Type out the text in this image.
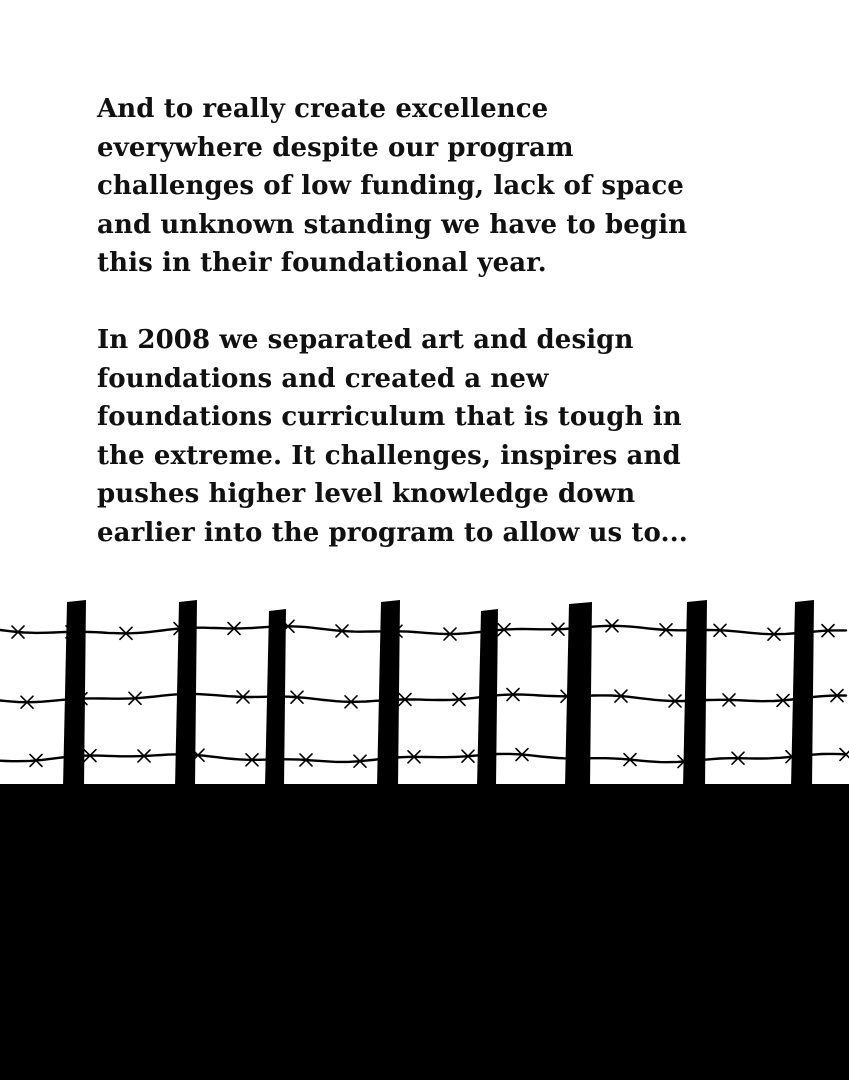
And to really create excellence
everywhere despite our program
challenges of low funding, lack of space
and unknown standing we have to begin
this in their foundational year.

In 2008 we separated art and design
foundations and created a new
foundations curriculum that is tough in
the extreme. It challenges, inspires and
pushes higher level knowledge down
earlier into the program to allow us to...
